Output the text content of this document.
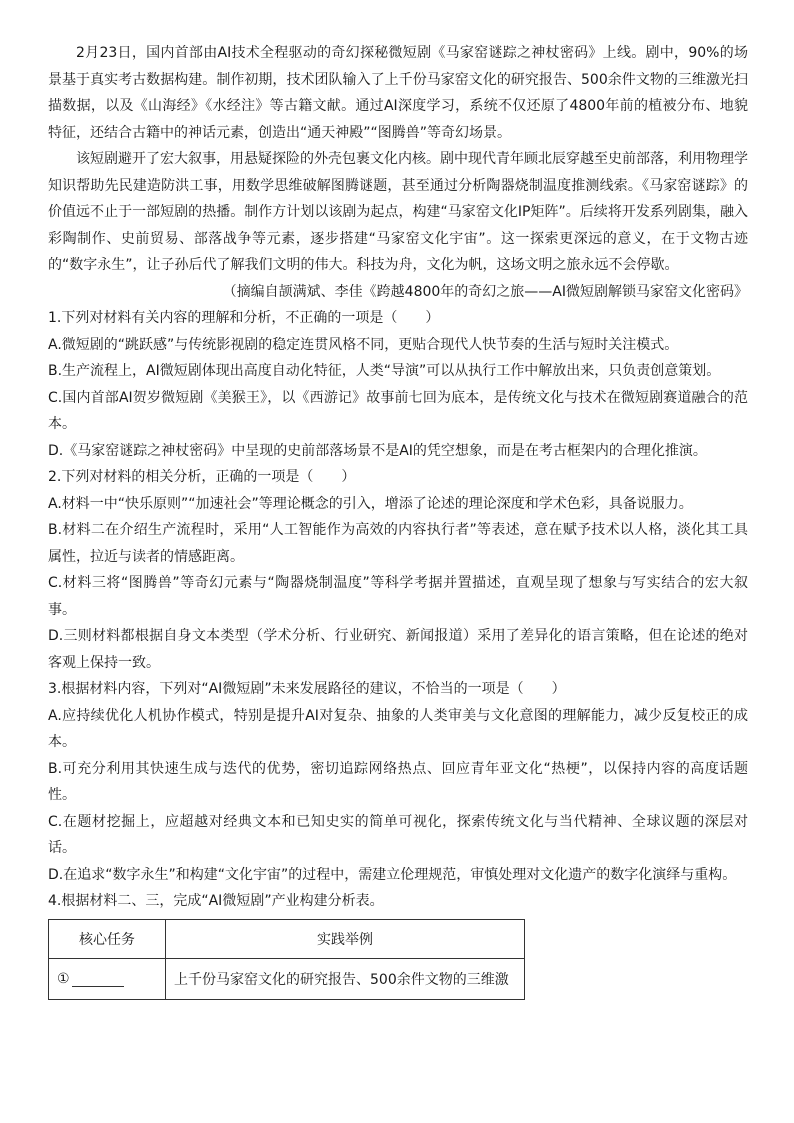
2月23日，国内首部由AI技术全程驱动的奇幻探秘微短剧《马家窑谜踪之神杖密码》上线。剧中，90%的场景基于真实考古数据构建。制作初期，技术团队输入了上千份马家窑文化的研究报告、500余件文物的三维激光扫描数据，以及《山海经》《水经注》等古籍文献。通过AI深度学习，系统不仅还原了4800年前的植被分布、地貌特征，还结合古籍中的神话元素，创造出“通天神殿”“图腾兽”等奇幻场景。

该短剧避开了宏大叙事，用悬疑探险的外壳包裹文化内核。剧中现代青年顾北辰穿越至史前部落，利用物理学知识帮助先民建造防洪工事，用数学思维破解图腾谜题，甚至通过分析陶器烧制温度推测线索。《马家窑谜踪》的价值远不止于一部短剧的热播。制作方计划以该剧为起点，构建“马家窑文化IP矩阵”。后续将开发系列剧集，融入彩陶制作、史前贸易、部落战争等元素，逐步搭建“马家窑文化宇宙”。这一探索更深远的意义，在于文物古迹的“数字永生”，让子孙后代了解我们文明的伟大。科技为舟，文化为帆，这场文明之旅永远不会停歇。

（摘编自颉满斌、李佳《跨越4800年的奇幻之旅——AI微短剧解锁马家窑文化密码》

1.下列对材料有关内容的理解和分析，不正确的一项是（　　）

A.微短剧的“跳跃感”与传统影视剧的稳定连贯风格不同，更贴合现代人快节奏的生活与短时关注模式。

B.生产流程上，AI微短剧体现出高度自动化特征，人类“导演”可以从执行工作中解放出来，只负责创意策划。

C.国内首部AI贺岁微短剧《美猴王》，以《西游记》故事前七回为底本，是传统文化与技术在微短剧赛道融合的范本。

D.《马家窑谜踪之神杖密码》中呈现的史前部落场景不是AI的凭空想象，而是在考古框架内的合理化推演。

2.下列对材料的相关分析，正确的一项是（　　）

A.材料一中“快乐原则”“加速社会”等理论概念的引入，增添了论述的理论深度和学术色彩，具备说服力。

B.材料二在介绍生产流程时，采用“人工智能作为高效的内容执行者”等表述，意在赋予技术以人格，淡化其工具属性，拉近与读者的情感距离。

C.材料三将“图腾兽”等奇幻元素与“陶器烧制温度”等科学考据并置描述，直观呈现了想象与写实结合的宏大叙事。

D.三则材料都根据自身文本类型（学术分析、行业研究、新闻报道）采用了差异化的语言策略，但在论述的绝对客观上保持一致。

3.根据材料内容，下列对“AI微短剧”未来发展路径的建议，不恰当的一项是（　　）

A.应持续优化人机协作模式，特别是提升AI对复杂、抽象的人类审美与文化意图的理解能力，减少反复校正的成本。

B.可充分利用其快速生成与迭代的优势，密切追踪网络热点、回应青年亚文化“热梗”，以保持内容的高度话题性。

C.在题材挖掘上，应超越对经典文本和已知史实的简单可视化，探索传统文化与当代精神、全球议题的深层对话。

D.在追求“数字永生”和构建“文化宇宙”的过程中，需建立伦理规范，审慎处理对文化遗产的数字化演绎与重构。

4.根据材料二、三，完成“AI微短剧”产业构建分析表。

核心任务	实践举例
①	上千份马家窑文化的研究报告、500余件文物的三维激
